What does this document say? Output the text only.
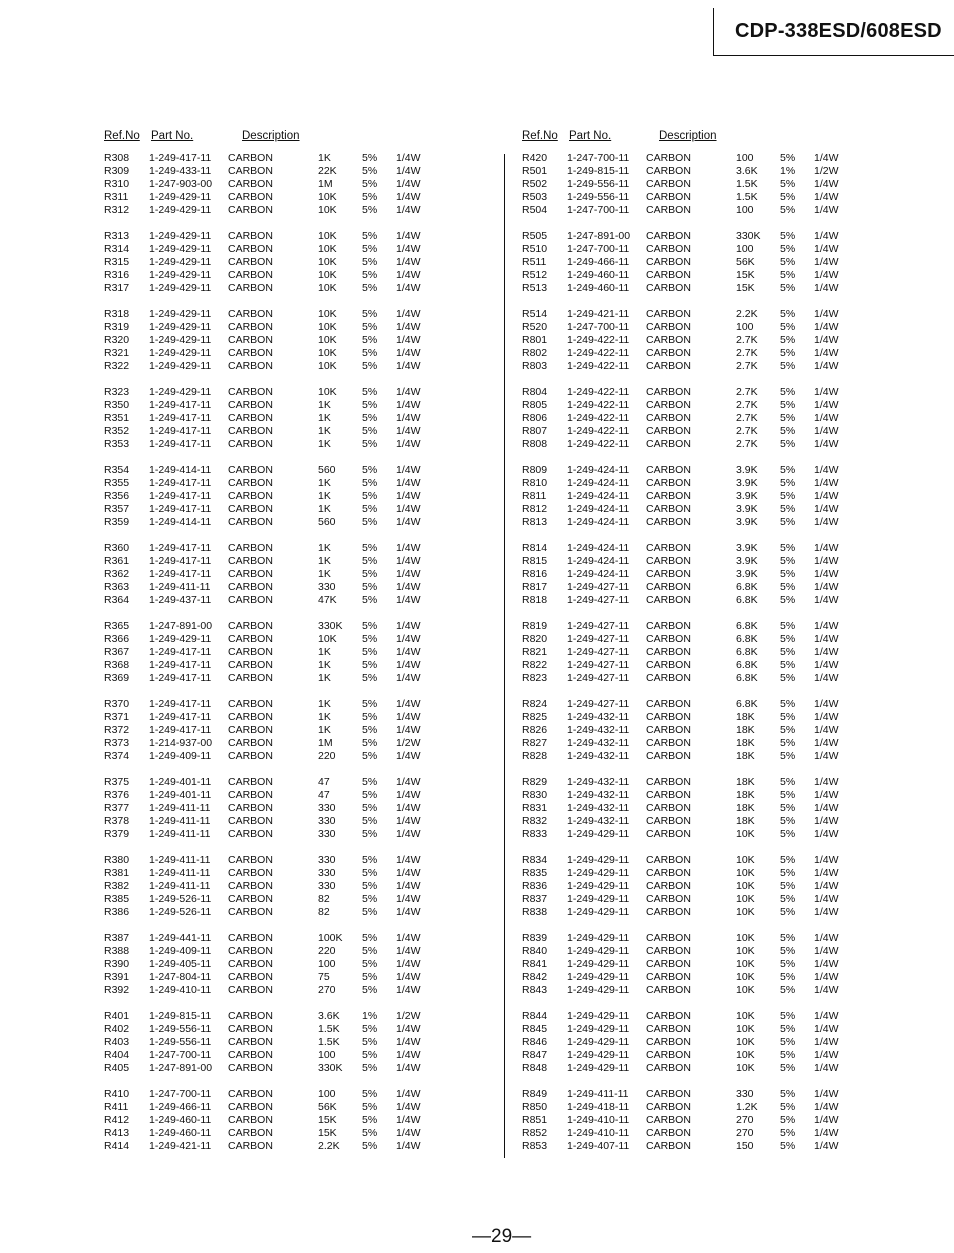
CDP-338ESD/608ESD
Ref.No Part No.	Description
R308 1-249-417-11 CARBON	1K	5% 1/4W
R309 1-249-433-11 CARBON	22K 5% 1/4W
R310 1-247-903-00 CARBON	1M	5% 1/4W
R311 1-249-429-11 CARBON	10K 5% 1/4W
R312 1-249-429-11 CARBON	10K 5% 1/4W
R313 1-249-429-11 CARBON	10K 5% 1/4W
R314 1-249-429-11 CARBON	10K 5% 1/4W
R315 1-249-429-11 CARBON	10K 5% 1/4W
R316 1-249-429-11 CARBON	10K 5% 1/4W
R317 1-249-429-11 CARBON	10K 5% 1/4W
R318 1-249-429-11 CARBON	10K 5% 1/4W
R319 1-249-429-11 CARBON	10K 5% 1/4W
R320 1-249-429-11 CARBON	10K 5% 1/4W
R321 1-249-429-11 CARBON	10K 5% 1/4W
R322 1-249-429-11 CARBON	10K 5% 1/4W
R323 1-249-429-11 CARBON	10K 5% 1/4W
R350 1-249-417-11 CARBON	1K	5% 1/4W
R351 1-249-417-11 CARBON	1K	5% 1/4W
R352 1-249-417-11 CARBON	1K	5% 1/4W
R353 1-249-417-11 CARBON	1K	5% 1/4W
R354 1-249-414-11 CARBON	560	5% 1/4W
R355 1-249-417-11 CARBON	1K	5% 1/4W
R356 1-249-417-11 CARBON	1K	5% 1/4W
R357 1-249-417-11 CARBON	1K	5% 1/4W
R359 1-249-414-11 CARBON	560	5% 1/4W
R360 1-249-417-11 CARBON	1K	5% 1/4W
R361 1-249-417-11 CARBON	1K	5% 1/4W
R362 1-249-417-11 CARBON	1K	5% 1/4W
R363 1-249-411-11 CARBON	330	5% 1/4W
R364 1-249-437-11 CARBON	47K 5% 1/4W
R365 1-247-891-00 CARBON	330K 5% 1/4W
R366 1-249-429-11 CARBON	10K 5% 1/4W
R367 1-249-417-11 CARBON	1K	5% 1/4W
R368 1-249-417-11 CARBON	1K	5% 1/4W
R369 1-249-417-11 CARBON	1K	5% 1/4W
R370 1-249-417-11 CARBON	1K	5% 1/4W
R371 1-249-417-11 CARBON	1K	5% 1/4W
R372 1-249-417-11 CARBON	1K	5% 1/4W
R373 1-214-937-00 CARBON	1M	5% 1/2W
R374 1-249-409-11 CARBON	220	5% 1/4W
R375 1-249-401-11 CARBON	47	5% 1/4W
R376 1-249-401-11 CARBON	47	5% 1/4W
R377 1-249-411-11 CARBON	330	5% 1/4W
R378 1-249-411-11 CARBON	330	5% 1/4W
R379 1-249-411-11 CARBON	330	5% 1/4W
R380 1-249-411-11 CARBON	330	5% 1/4W
R381 1-249-411-11 CARBON	330	5% 1/4W
R382 1-249-411-11 CARBON	330	5% 1/4W
R385 1-249-526-11 CARBON	82	5% 1/4W
R386 1-249-526-11 CARBON	82	5% 1/4W
R387 1-249-441-11 CARBON	100K 5% 1/4W
R388 1-249-409-11 CARBON	220	5% 1/4W
R390 1-249-405-11 CARBON	100	5% 1/4W
R391 1-247-804-11 CARBON	75	5% 1/4W
R392 1-249-410-11 CARBON	270	5% 1/4W
R401 1-249-815-11 CARBON	3.6K 1% 1/2W
R402 1-249-556-11 CARBON	1.5K 5% 1/4W
R403 1-249-556-11 CARBON	1.5K 5% 1/4W
R404 1-247-700-11 CARBON	100	5% 1/4W
R405 1-247-891-00 CARBON	330K 5% 1/4W
R410 1-247-700-11 CARBON	100	5% 1/4W
R411 1-249-466-11 CARBON	56K 5% 1/4W
R412 1-249-460-11 CARBON	15K 5% 1/4W
R413 1-249-460-11 CARBON	15K 5% 1/4W
R414 1-249-421-11 CARBON	2.2K 5% 1/4W
Ref.No Part No.	Description
R420 1-247-700-11 CARBON	100	5% 1/4W
R501 1-249-815-11 CARBON	3.6K 1% 1/2W
R502 1-249-556-11 CARBON	1.5K 5% 1/4W
R503 1-249-556-11 CARBON	1.5K 5% 1/4W
R504 1-247-700-11 CARBON	100	5% 1/4W
R505 1-247-891-00 CARBON	330K 5% 1/4W
R510 1-247-700-11 CARBON	100	5% 1/4W
R511 1-249-466-11 CARBON	56K 5% 1/4W
R512 1-249-460-11 CARBON	15K 5% 1/4W
R513 1-249-460-11 CARBON	15K 5% 1/4W
R514 1-249-421-11 CARBON	2.2K 5% 1/4W
R520 1-247-700-11 CARBON	100	5% 1/4W
R801 1-249-422-11 CARBON	2.7K 5% 1/4W
R802 1-249-422-11 CARBON	2.7K 5% 1/4W
R803 1-249-422-11 CARBON	2.7K 5% 1/4W
R804 1-249-422-11 CARBON	2.7K 5% 1/4W
R805 1-249-422-11 CARBON	2.7K 5% 1/4W
R806 1-249-422-11 CARBON	2.7K 5% 1/4W
R807 1-249-422-11 CARBON	2.7K 5% 1/4W
R808 1-249-422-11 CARBON	2.7K 5% 1/4W
R809 1-249-424-11 CARBON	3.9K 5% 1/4W
R810 1-249-424-11 CARBON	3.9K 5% 1/4W
R811 1-249-424-11 CARBON	3.9K 5% 1/4W
R812 1-249-424-11 CARBON	3.9K 5% 1/4W
R813 1-249-424-11 CARBON	3.9K 5% 1/4W
R814 1-249-424-11 CARBON	3.9K 5% 1/4W
R815 1-249-424-11 CARBON	3.9K 5% 1/4W
R816 1-249-424-11 CARBON	3.9K 5% 1/4W
R817 1-249-427-11 CARBON	6.8K 5% 1/4W
R818 1-249-427-11 CARBON	6.8K 5% 1/4W
R819 1-249-427-11 CARBON	6.8K 5% 1/4W
R820 1-249-427-11 CARBON	6.8K 5% 1/4W
R821 1-249-427-11 CARBON	6.8K 5% 1/4W
R822 1-249-427-11 CARBON	6.8K 5% 1/4W
R823 1-249-427-11 CARBON	6.8K 5% 1/4W
R824 1-249-427-11 CARBON	6.8K 5% 1/4W
R825 1-249-432-11 CARBON	18K 5% 1/4W
R826 1-249-432-11 CARBON	18K 5% 1/4W
R827 1-249-432-11 CARBON	18K 5% 1/4W
R828 1-249-432-11 CARBON	18K 5% 1/4W
R829 1-249-432-11 CARBON	18K 5% 1/4W
R830 1-249-432-11 CARBON	18K 5% 1/4W
R831 1-249-432-11 CARBON	18K 5% 1/4W
R832 1-249-432-11 CARBON	18K 5% 1/4W
R833 1-249-429-11 CARBON	10K 5% 1/4W
R834 1-249-429-11 CARBON	10K 5% 1/4W
R835 1-249-429-11 CARBON	10K 5% 1/4W
R836 1-249-429-11 CARBON	10K 5% 1/4W
R837 1-249-429-11 CARBON	10K 5% 1/4W
R838 1-249-429-11 CARBON	10K 5% 1/4W
R839 1-249-429-11 CARBON	10K 5% 1/4W
R840 1-249-429-11 CARBON	10K 5% 1/4W
R841 1-249-429-11 CARBON	10K 5% 1/4W
R842 1-249-429-11 CARBON	10K 5% 1/4W
R843 1-249-429-11 CARBON	10K 5% 1/4W
R844 1-249-429-11 CARBON	10K 5% 1/4W
R845 1-249-429-11 CARBON	10K 5% 1/4W
R846 1-249-429-11 CARBON	10K 5% 1/4W
R847 1-249-429-11 CARBON	10K 5% 1/4W
R848 1-249-429-11 CARBON	10K 5% 1/4W
R849 1-249-411-11 CARBON	330	5% 1/4W
R850 1-249-418-11 CARBON	1.2K 5% 1/4W
R851 1-249-410-11 CARBON	270	5% 1/4W
R852 1-249-410-11 CARBON	270	5% 1/4W
R853 1-249-407-11 CARBON	150	5% 1/4W
—29—
